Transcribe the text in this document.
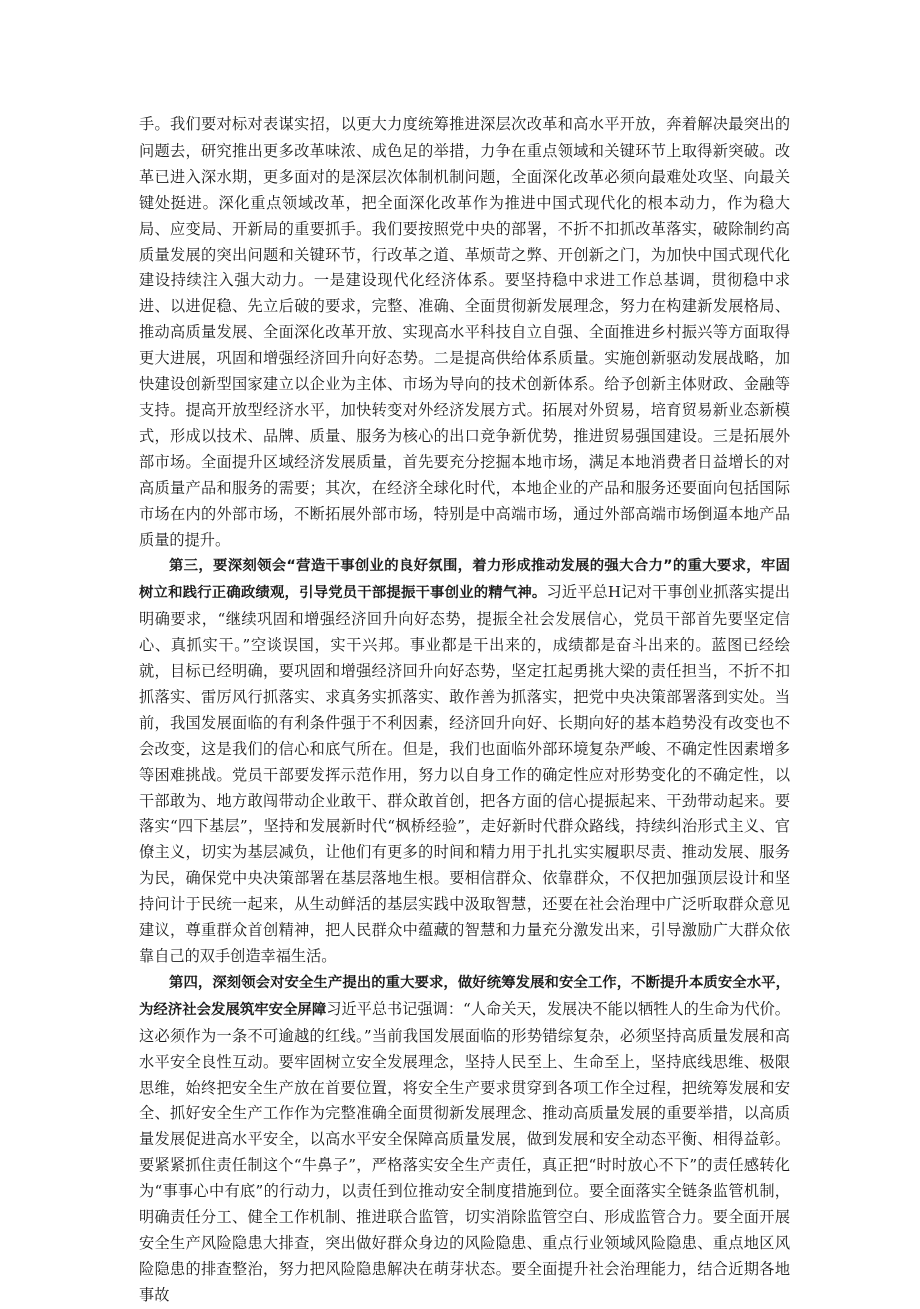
手。我们要对标对表谋实招，以更大力度统筹推进深层次改革和高水平开放，奔着解决最突出的问题去，研究推出更多改革味浓、成色足的举措，力争在重点领域和关键环节上取得新突破。改革已进入深水期，更多面对的是深层次体制机制问题，全面深化改革必须向最难处攻坚、向最关键处挺进。深化重点领域改革，把全面深化改革作为推进中国式现代化的根本动力，作为稳大局、应变局、开新局的重要抓手。我们要按照党中央的部署，不折不扣抓改革落实，破除制约高质量发展的突出问题和关键环节，行改革之道、革烦苛之弊、开创新之门，为加快中国式现代化建设持续注入强大动力。一是建设现代化经济体系。要坚持稳中求进工作总基调，贯彻稳中求进、以进促稳、先立后破的要求，完整、准确、全面贯彻新发展理念，努力在构建新发展格局、推动高质量发展、全面深化改革开放、实现高水平科技自立自强、全面推进乡村振兴等方面取得更大进展，巩固和增强经济回升向好态势。二是提高供给体系质量。实施创新驱动发展战略，加快建设创新型国家建立以企业为主体、市场为导向的技术创新体系。给予创新主体财政、金融等支持。提高开放型经济水平，加快转变对外经济发展方式。拓展对外贸易，培育贸易新业态新模式，形成以技术、品牌、质量、服务为核心的出口竞争新优势，推进贸易强国建设。三是拓展外部市场。全面提升区域经济发展质量，首先要充分挖掘本地市场，满足本地消费者日益增长的对高质量产品和服务的需要；其次，在经济全球化时代，本地企业的产品和服务还要面向包括国际市场在内的外部市场，不断拓展外部市场，特别是中高端市场，通过外部高端市场倒逼本地产品质量的提升。

第三，要深刻领会“营造干事创业的良好氛围，着力形成推动发展的强大合力”的重大要求，牢固树立和践行正确政绩观，引导党员干部提振干事创业的精气神。习近平总H记对干事创业抓落实提出明确要求，“继续巩固和增强经济回升向好态势，提振全社会发展信心，党员干部首先要坚定信心、真抓实干。”空谈误国，实干兴邦。事业都是干出来的，成绩都是奋斗出来的。蓝图已经绘就，目标已经明确，要巩固和增强经济回升向好态势，坚定扛起勇挑大梁的责任担当，不折不扣抓落实、雷厉风行抓落实、求真务实抓落实、敢作善为抓落实，把党中央决策部署落到实处。当前，我国发展面临的有利条件强于不利因素，经济回升向好、长期向好的基本趋势没有改变也不会改变，这是我们的信心和底气所在。但是，我们也面临外部环境复杂严峻、不确定性因素增多等困难挑战。党员干部要发挥示范作用，努力以自身工作的确定性应对形势变化的不确定性，以干部敢为、地方敢闯带动企业敢干、群众敢首创，把各方面的信心提振起来、干劲带动起来。要落实“四下基层”，坚持和发展新时代“枫桥经验”，走好新时代群众路线，持续纠治形式主义、官僚主义，切实为基层减负，让他们有更多的时间和精力用于扎扎实实履职尽责、推动发展、服务为民，确保党中央决策部署在基层落地生根。要相信群众、依靠群众，不仅把加强顶层设计和坚持问计于民统一起来，从生动鲜活的基层实践中汲取智慧，还要在社会治理中广泛听取群众意见建议，尊重群众首创精神，把人民群众中蕴藏的智慧和力量充分激发出来，引导激励广大群众依靠自己的双手创造幸福生活。

第四，深刻领会对安全生产提出的重大要求，做好统筹发展和安全工作，不断提升本质安全水平，为经济社会发展筑牢安全屏障习近平总书记强调：“人命关天，发展决不能以牺牲人的生命为代价。这必须作为一条不可逾越的红线。”当前我国发展面临的形势错综复杂，必须坚持高质量发展和高水平安全良性互动。要牢固树立安全发展理念，坚持人民至上、生命至上，坚持底线思维、极限思维，始终把安全生产放在首要位置，将安全生产要求贯穿到各项工作全过程，把统筹发展和安全、抓好安全生产工作作为完整准确全面贯彻新发展理念、推动高质量发展的重要举措，以高质量发展促进高水平安全，以高水平安全保障高质量发展，做到发展和安全动态平衡、相得益彰。要紧紧抓住责任制这个“牛鼻子”，严格落实安全生产责任，真正把“时时放心不下”的责任感转化为“事事心中有底”的行动力，以责任到位推动安全制度措施到位。要全面落实全链条监管机制，明确责任分工、健全工作机制、推进联合监管，切实消除监管空白、形成监管合力。要全面开展安全生产风险隐患大排查，突出做好群众身边的风险隐患、重点行业领域风险隐患、重点地区风险隐患的排查整治，努力把风险隐患解决在萌芽状态。要全面提升社会治理能力，结合近期各地事故
